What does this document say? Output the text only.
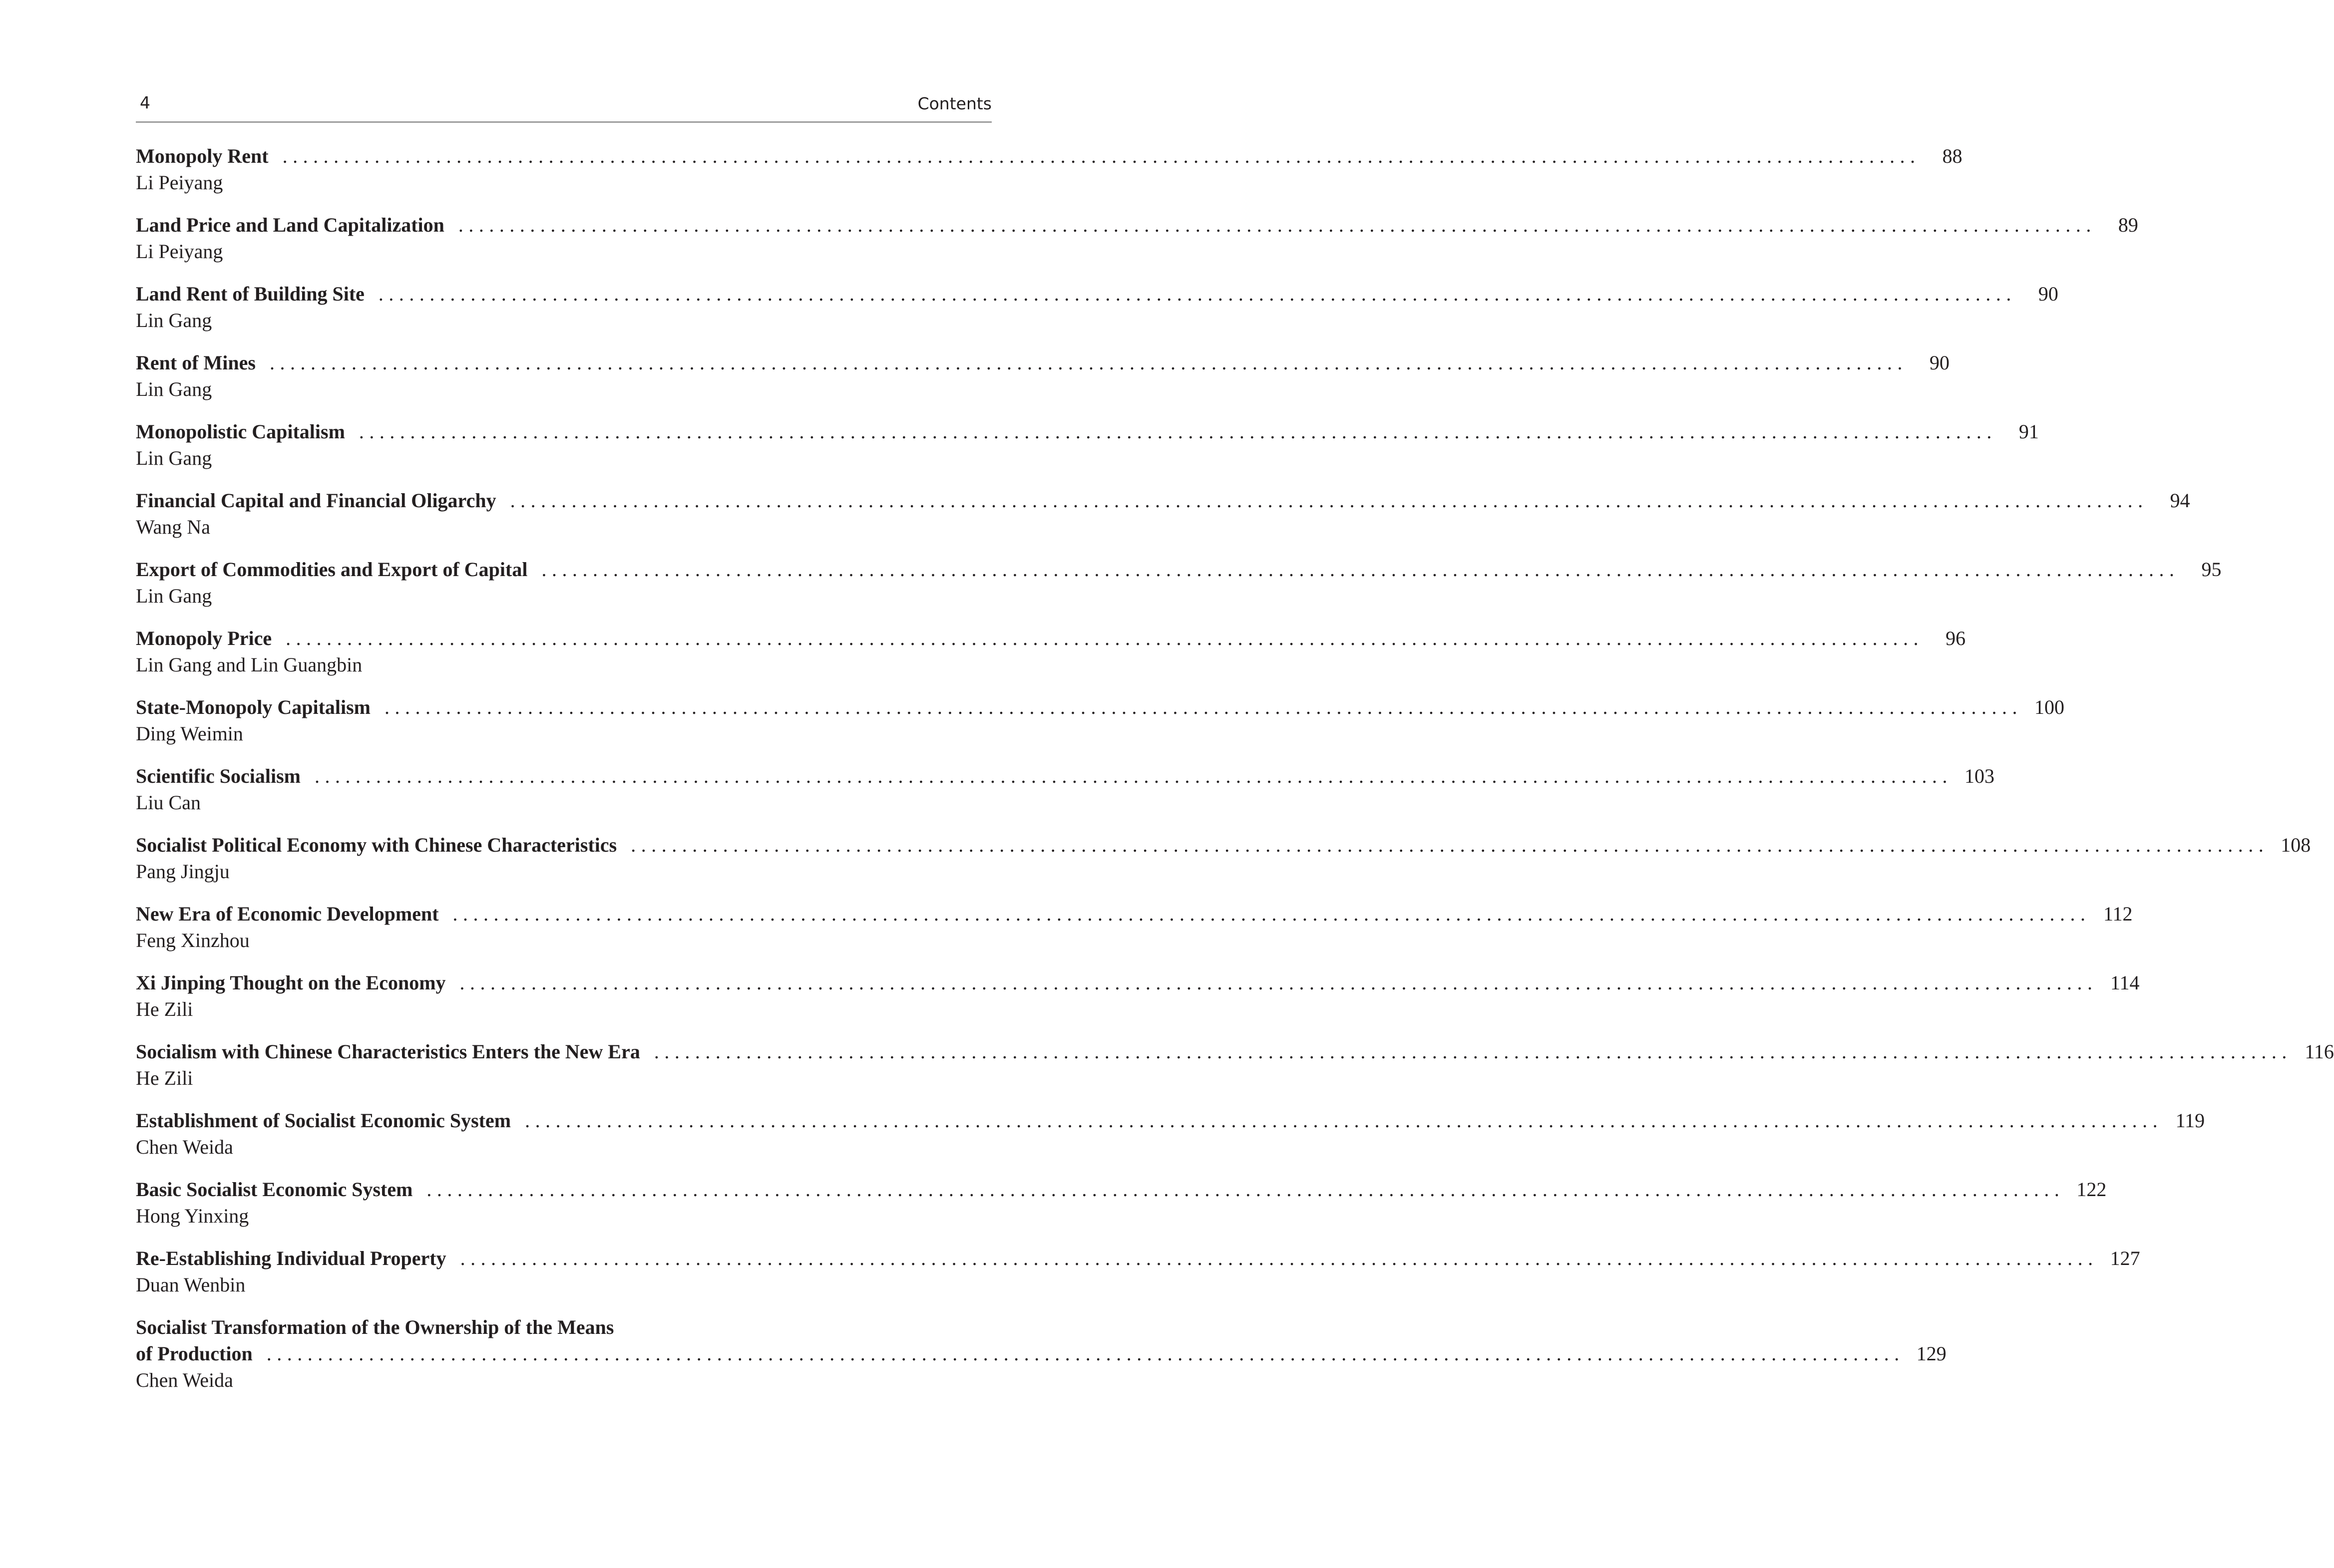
4	Contents
Monopoly Rent ................................................................................................................................................................	88
Li Peiyang
Land Price and Land Capitalization ................................................................................................................................................................	89
Li Peiyang
Land Rent of Building Site ................................................................................................................................................................	90
Lin Gang
Rent of Mines ................................................................................................................................................................	90
Lin Gang
Monopolistic Capitalism ................................................................................................................................................................	91
Lin Gang
Financial Capital and Financial Oligarchy ................................................................................................................................................................	94
Wang Na
Export of Commodities and Export of Capital ................................................................................................................................................................	95
Lin Gang
Monopoly Price ................................................................................................................................................................	96
Lin Gang and Lin Guangbin
State-Monopoly Capitalism ................................................................................................................................................................ 100
Ding Weimin
Scientific Socialism ................................................................................................................................................................ 103
Liu Can
Socialist Political Economy with Chinese Characteristics ................................................................................................................................................................ 108
Pang Jingju
New Era of Economic Development ................................................................................................................................................................ 112
Feng Xinzhou
Xi Jinping Thought on the Economy ................................................................................................................................................................ 114
He Zili
Socialism with Chinese Characteristics Enters the New Era ................................................................................................................................................................ 116
He Zili
Establishment of Socialist Economic System ................................................................................................................................................................ 119
Chen Weida
Basic Socialist Economic System ................................................................................................................................................................ 122
Hong Yinxing
Re-Establishing Individual Property ................................................................................................................................................................ 127
Duan Wenbin
Socialist Transformation of the Ownership of the Means
of Production ................................................................................................................................................................ 129
Chen Weida
